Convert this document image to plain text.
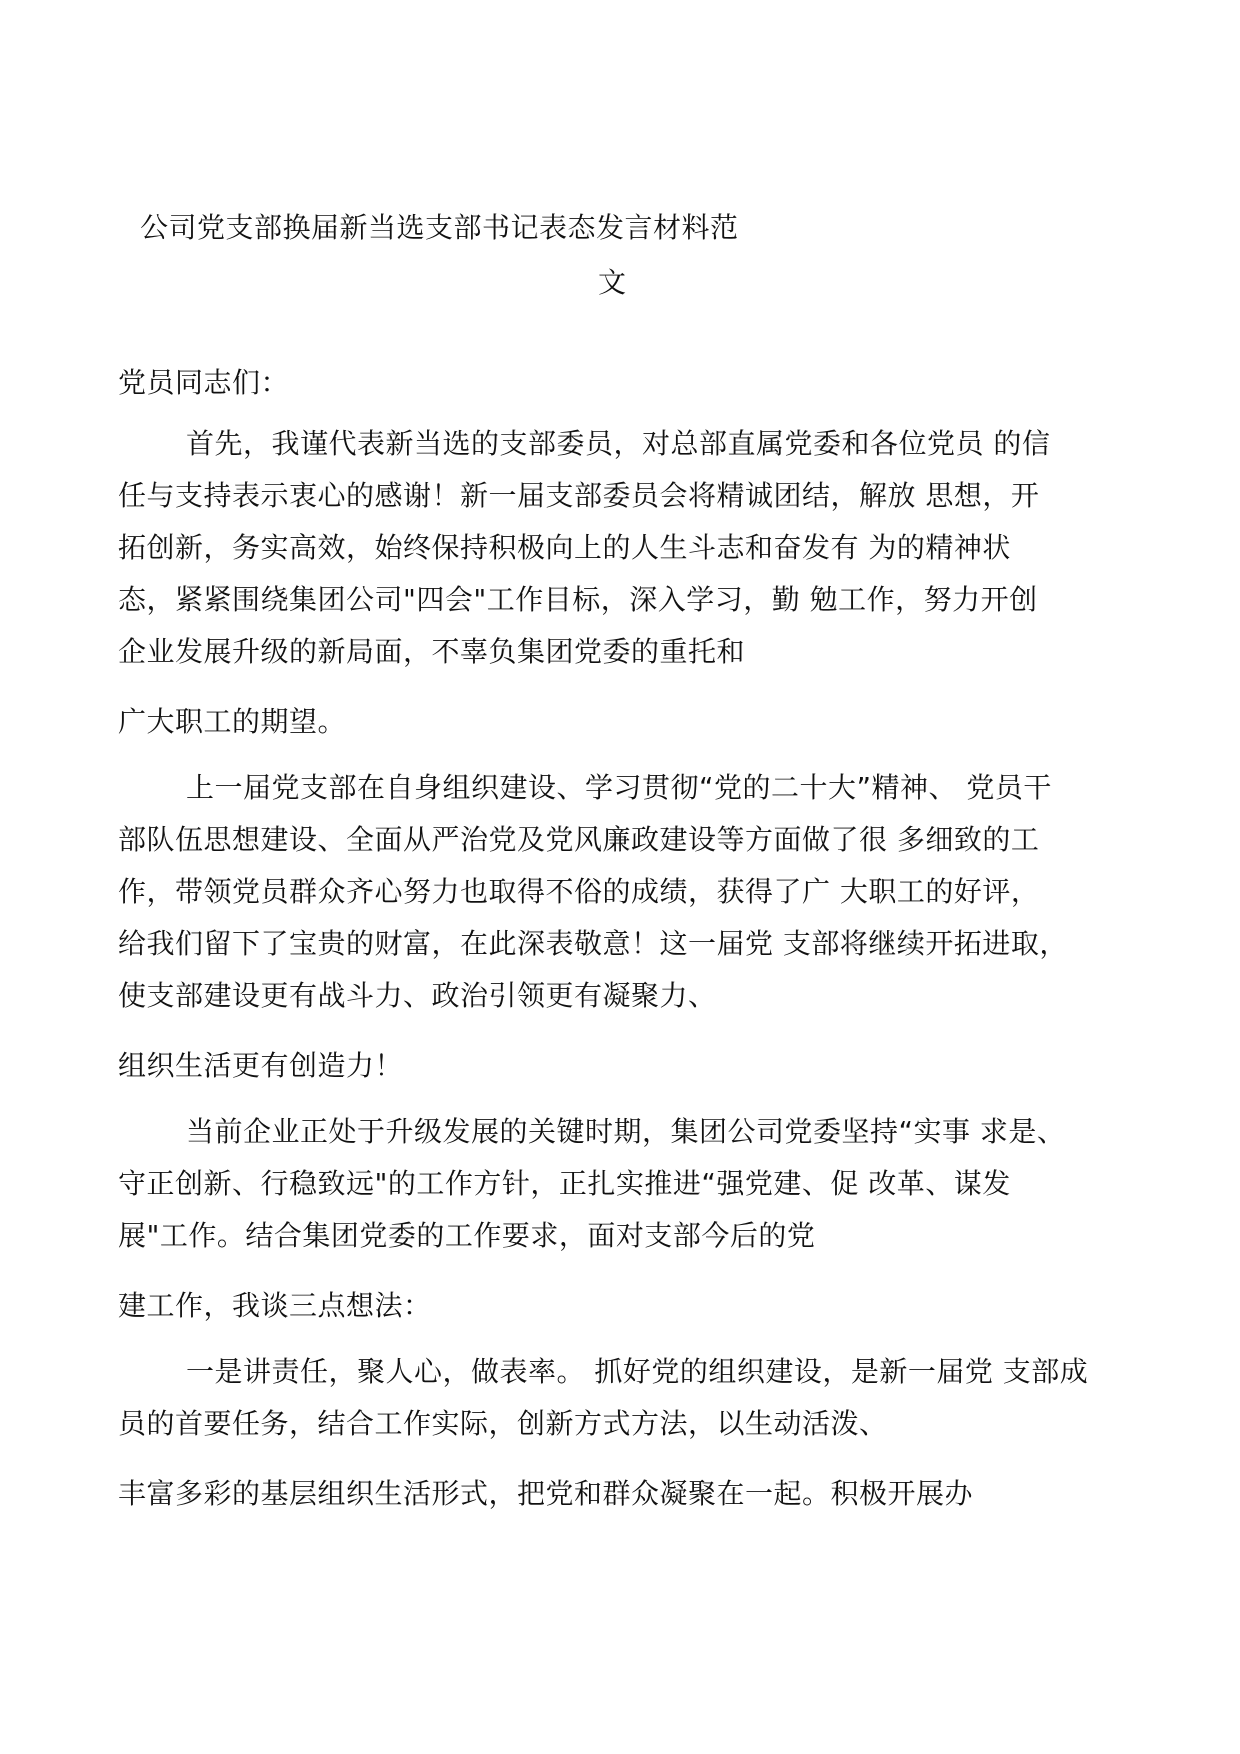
公司党支部换届新当选支部书记表态发言材料范
文
党员同志们：
首先，我谨代表新当选的支部委员，对总部直属党委和各位党员 的信
任与支持表示衷心的感谢！新一届支部委员会将精诚团结，解放 思想，开
拓创新，务实高效，始终保持积极向上的人生斗志和奋发有 为的精神状
态，紧紧围绕集团公司"四会"工作目标，深入学习，勤 勉工作，努力开创
企业发展升级的新局面，不辜负集团党委的重托和
广大职工的期望。
上一届党支部在自身组织建设、学习贯彻“党的二十大”精神、 党员干
部队伍思想建设、全面从严治党及党风廉政建设等方面做了很 多细致的工
作，带领党员群众齐心努力也取得不俗的成绩，获得了广 大职工的好评，
给我们留下了宝贵的财富，在此深表敬意！这一届党 支部将继续开拓进取，
使支部建设更有战斗力、政治引领更有凝聚力、
组织生活更有创造力！
当前企业正处于升级发展的关键时期，集团公司党委坚持“实事 求是、
守正创新、行稳致远"的工作方针，正扎实推进“强党建、促 改革、谋发
展"工作。结合集团党委的工作要求，面对支部今后的党
建工作，我谈三点想法：
一是讲责任，聚人心，做表率。 抓好党的组织建设，是新一届党 支部成
员的首要任务，结合工作实际，创新方式方法，以生动活泼、
丰富多彩的基层组织生活形式，把党和群众凝聚在一起。积极开展办
